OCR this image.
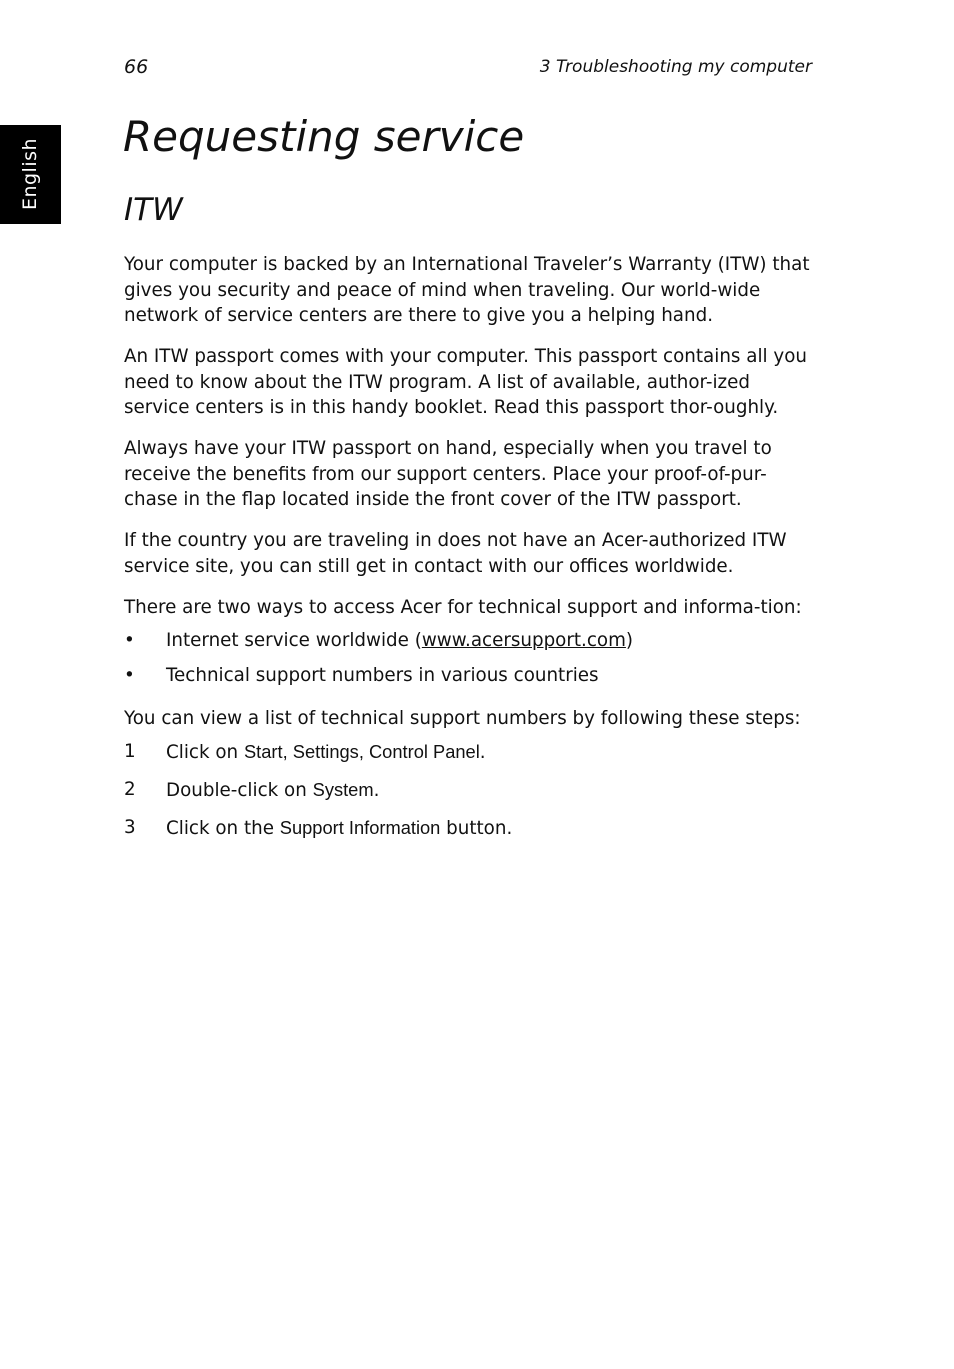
66	3 Troubleshooting my computer
English
Requesting service
ITW

Your computer is backed by an International Traveler’s Warranty (ITW) that gives you security and peace of mind when traveling. Our world-wide network of service centers are there to give you a helping hand.

An ITW passport comes with your computer. This passport contains all you need to know about the ITW program. A list of available, author-ized service centers is in this handy booklet. Read this passport thor-oughly.

Always have your ITW passport on hand, especially when you travel to receive the benefits from our support centers. Place your proof-of-pur-chase in the flap located inside the front cover of the ITW passport.

If the country you are traveling in does not have an Acer-authorized ITW service site, you can still get in contact with our offices worldwide.

There are two ways to access Acer for technical support and informa-tion:

• Internet service worldwide (www.acersupport.com)
• Technical support numbers in various countries

You can view a list of technical support numbers by following these steps:

1 Click on Start, Settings, Control Panel.
2 Double-click on System.
3 Click on the Support Information button.
